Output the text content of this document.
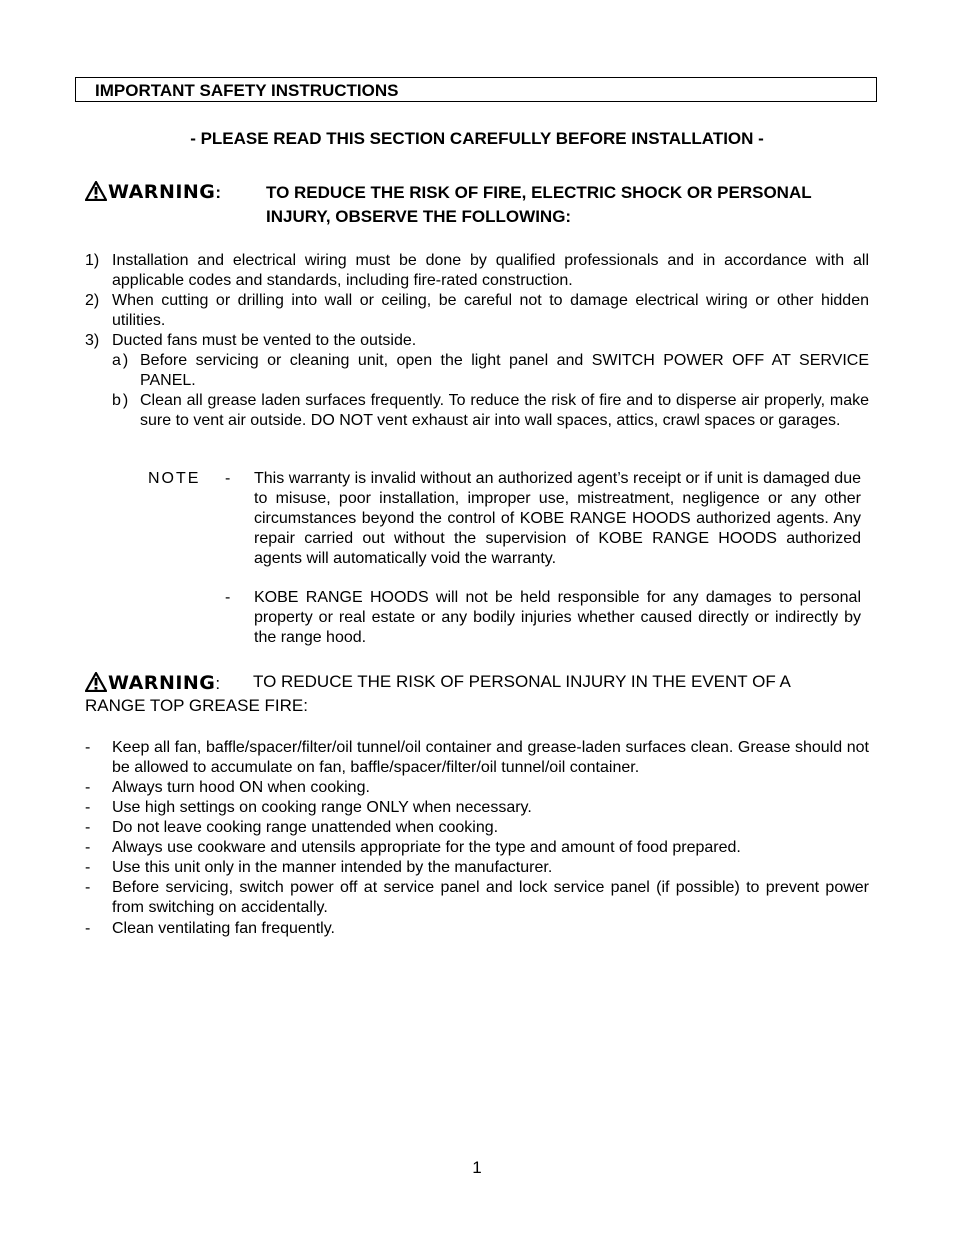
IMPORTANT SAFETY INSTRUCTIONS
- PLEASE READ THIS SECTION CAREFULLY BEFORE INSTALLATION -
WARNING:	TO REDUCE THE RISK OF FIRE, ELECTRIC SHOCK OR PERSONAL INJURY, OBSERVE THE FOLLOWING:
1) Installation and electrical wiring must be done by qualified professionals and in accordance with all applicable codes and standards, including fire-rated construction.
2) When cutting or drilling into wall or ceiling, be careful not to damage electrical wiring or other hidden utilities.
3) Ducted fans must be vented to the outside.
a) Before servicing or cleaning unit, open the light panel and SWITCH POWER OFF AT SERVICE PANEL.
b) Clean all grease laden surfaces frequently. To reduce the risk of fire and to disperse air properly, make sure to vent air outside. DO NOT vent exhaust air into wall spaces, attics, crawl spaces or garages.
NOTE - This warranty is invalid without an authorized agent’s receipt or if unit is damaged due to misuse, poor installation, improper use, mistreatment, negligence or any other circumstances beyond the control of KOBE RANGE HOODS authorized agents. Any repair carried out without the supervision of KOBE RANGE HOODS authorized agents will automatically void the warranty.
- KOBE RANGE HOODS will not be held responsible for any damages to personal property or real estate or any bodily injuries whether caused directly or indirectly by the range hood.
WARNING: TO REDUCE THE RISK OF PERSONAL INJURY IN THE EVENT OF A
RANGE TOP GREASE FIRE:
- Keep all fan, baffle/spacer/filter/oil tunnel/oil container and grease-laden surfaces clean. Grease should not be allowed to accumulate on fan, baffle/spacer/filter/oil tunnel/oil container.
- Always turn hood ON when cooking.
- Use high settings on cooking range ONLY when necessary.
- Do not leave cooking range unattended when cooking.
- Always use cookware and utensils appropriate for the type and amount of food prepared.
- Use this unit only in the manner intended by the manufacturer.
- Before servicing, switch power off at service panel and lock service panel (if possible) to prevent power from switching on accidentally.
- Clean ventilating fan frequently.
1
